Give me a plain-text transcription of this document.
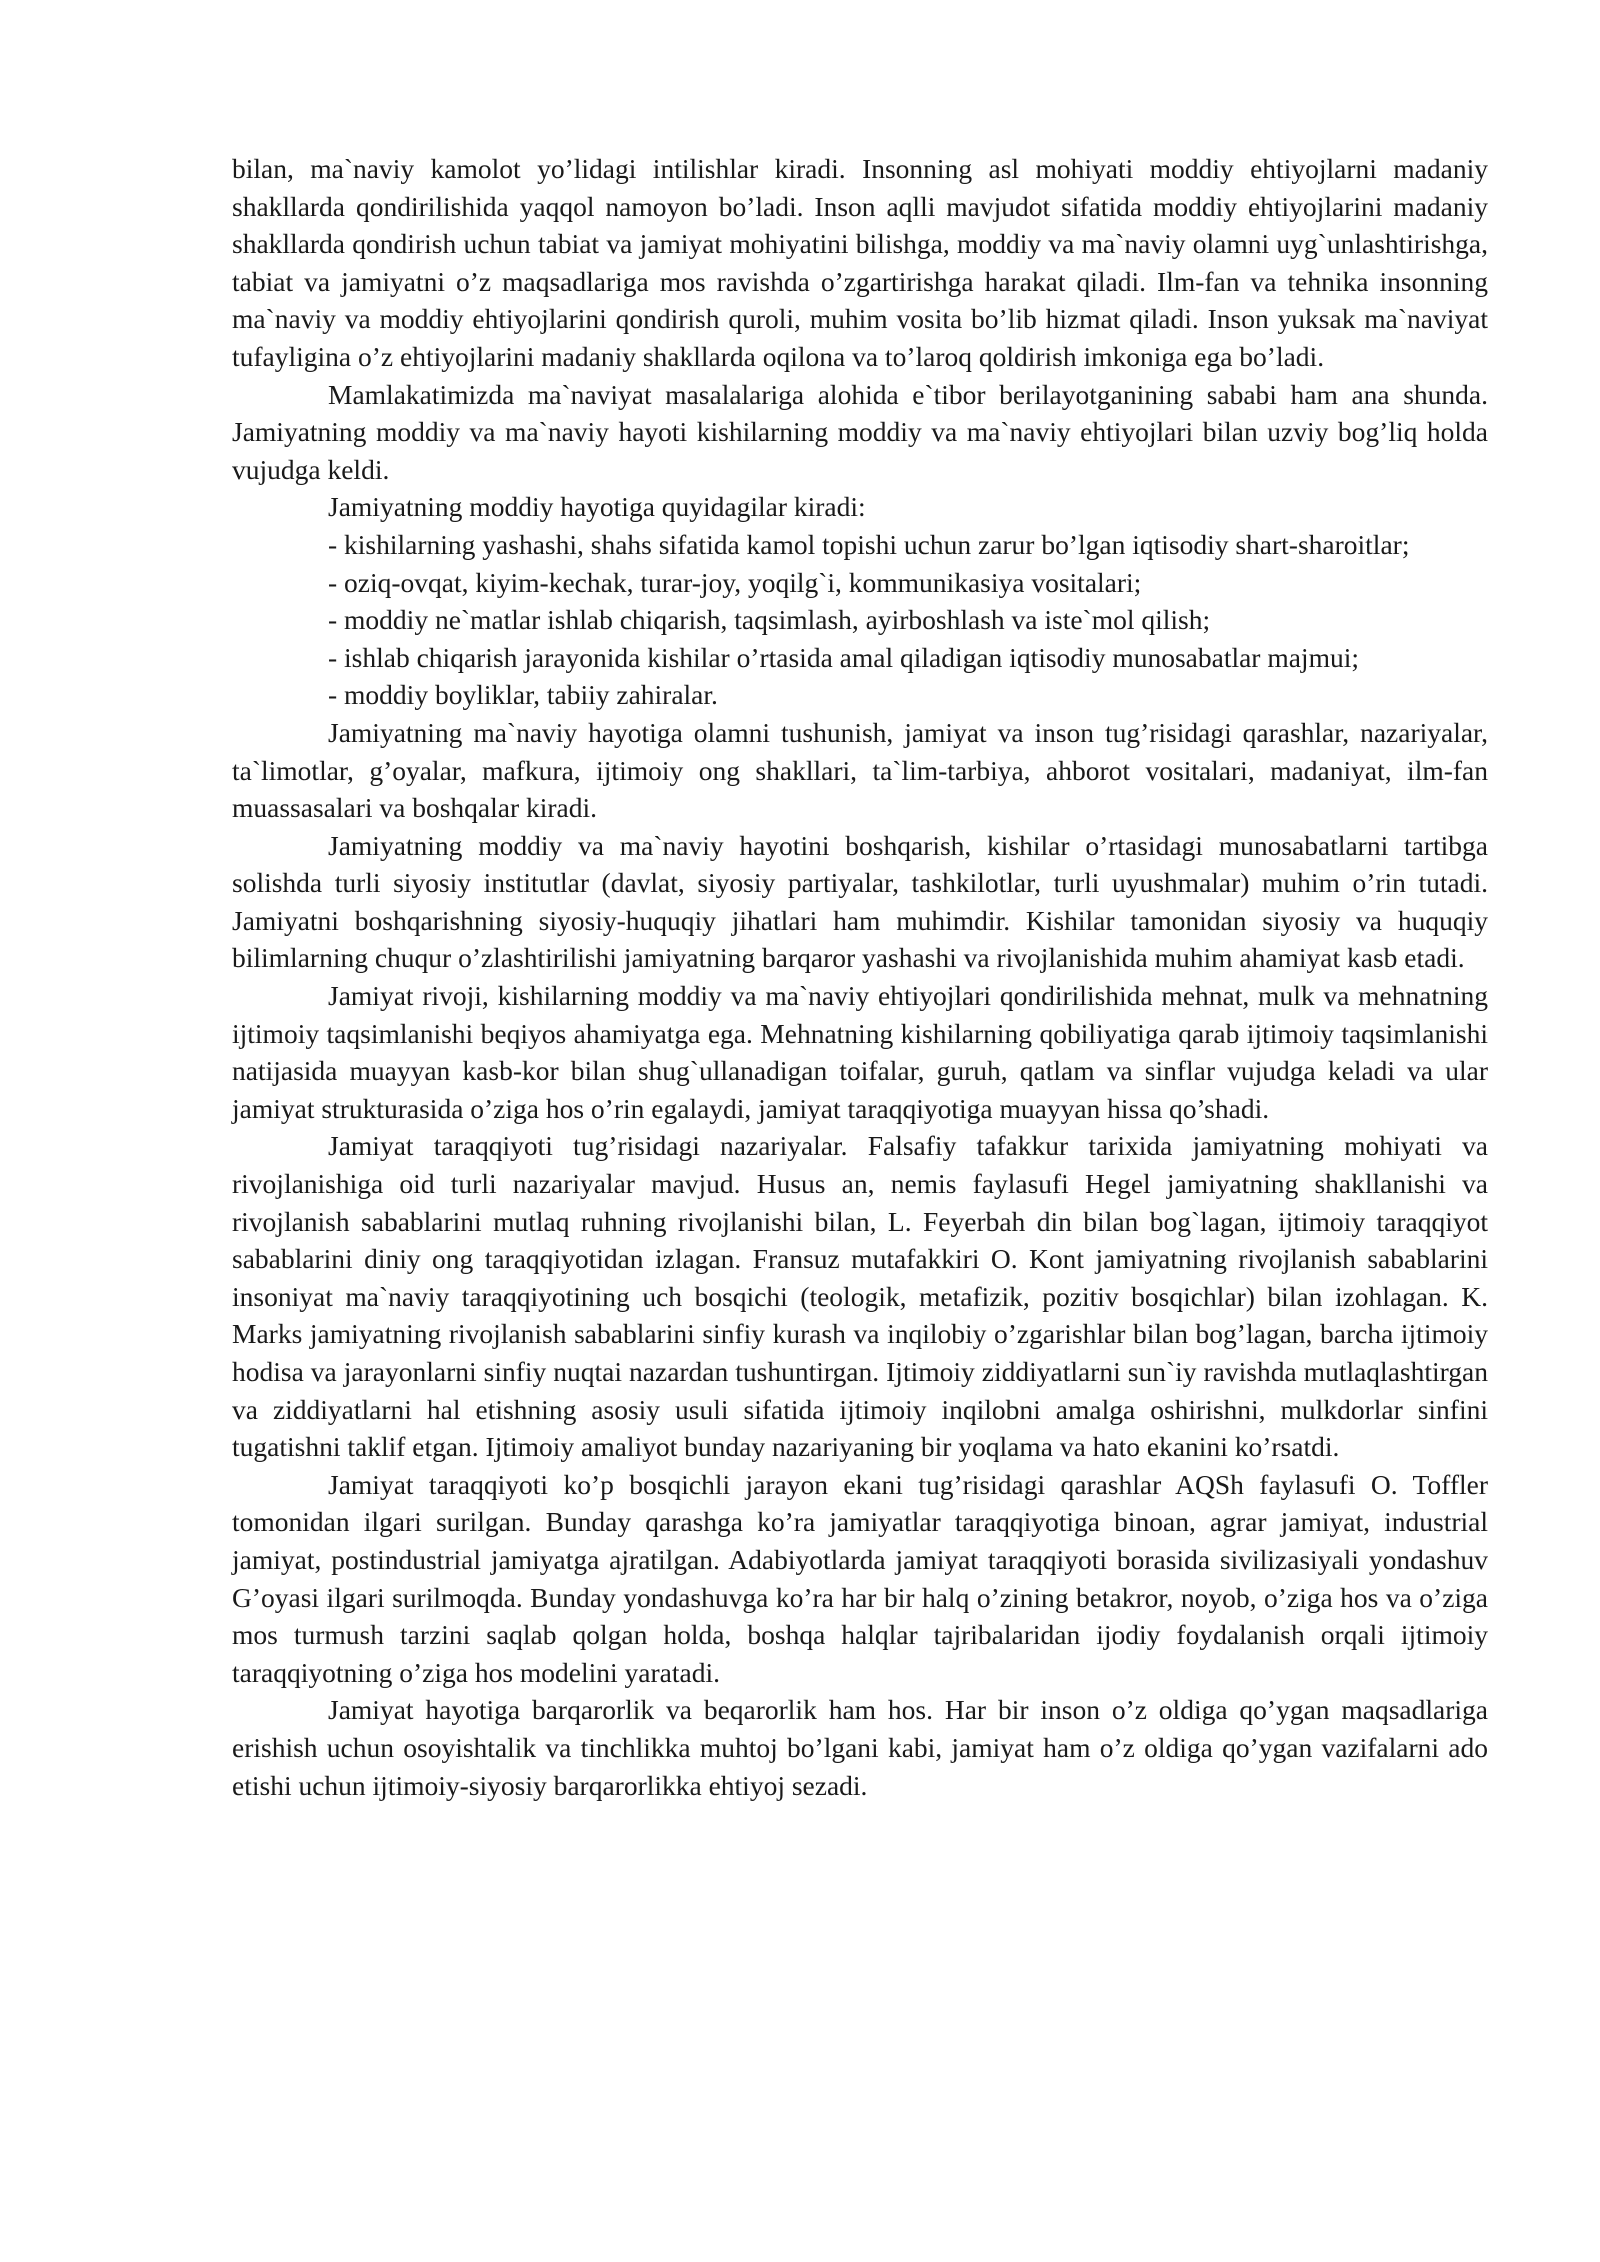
bilan, ma`naviy kamolot yo’lidagi intilishlar kiradi. Insonning asl mohiyati moddiy ehtiyojlarni madaniy shakllarda qondirilishida yaqqol namoyon bo’ladi. Inson aqlli mavjudot sifatida moddiy ehtiyojlarini madaniy shakllarda qondirish uchun tabiat va jamiyat mohiyatini bilishga, moddiy va ma`naviy olamni uyg`unlashtirishga, tabiat va jamiyatni o’z maqsadlariga mos ravishda o’zgartirishga harakat qiladi. Ilm-fan va tehnika insonning ma`naviy va moddiy ehtiyojlarini qondirish quroli, muhim vosita bo’lib hizmat qiladi. Inson yuksak ma`naviyat tufayligina o’z ehtiyojlarini madaniy shakllarda oqilona va to’laroq qoldirish imkoniga ega bo’ladi.

Mamlakatimizda ma`naviyat masalalariga alohida e`tibor berilayotganining sababi ham ana shunda. Jamiyatning moddiy va ma`naviy hayoti kishilarning moddiy va ma`naviy ehtiyojlari bilan uzviy bog’liq holda vujudga keldi.

Jamiyatning moddiy hayotiga quyidagilar kiradi:

- kishilarning yashashi, shahs sifatida kamol topishi uchun zarur bo’lgan iqtisodiy shart-sharoitlar;

- oziq-ovqat, kiyim-kechak, turar-joy, yoqilg`i, kommunikasiya vositalari;

- moddiy ne`matlar ishlab chiqarish, taqsimlash, ayirboshlash va iste`mol qilish;

- ishlab chiqarish jarayonida kishilar o’rtasida amal qiladigan iqtisodiy munosabatlar majmui;

- moddiy boyliklar, tabiiy zahiralar.

Jamiyatning ma`naviy hayotiga olamni tushunish, jamiyat va inson tug’risidagi qarashlar, nazariyalar, ta`limotlar, g’oyalar, mafkura, ijtimoiy ong shakllari, ta`lim-tarbiya, ahborot vositalari, madaniyat, ilm-fan muassasalari va boshqalar kiradi.

Jamiyatning moddiy va ma`naviy hayotini boshqarish, kishilar o’rtasidagi munosabatlarni tartibga solishda turli siyosiy institutlar (davlat, siyosiy partiyalar, tashkilotlar, turli uyushmalar) muhim o’rin tutadi. Jamiyatni boshqarishning siyosiy-huquqiy jihatlari ham muhimdir. Kishilar tamonidan siyosiy va huquqiy bilimlarning chuqur o’zlashtirilishi jamiyatning barqaror yashashi va rivojlanishida muhim ahamiyat kasb etadi.

Jamiyat rivoji, kishilarning moddiy va ma`naviy ehtiyojlari qondirilishida mehnat, mulk va mehnatning ijtimoiy taqsimlanishi beqiyos ahamiyatga ega. Mehnatning kishilarning qobiliyatiga qarab ijtimoiy taqsimlanishi natijasida muayyan kasb-kor bilan shug`ullanadigan toifalar, guruh, qatlam va sinflar vujudga keladi va ular jamiyat strukturasida o’ziga hos o’rin egalaydi, jamiyat taraqqiyotiga muayyan hissa qo’shadi.

Jamiyat taraqqiyoti tug’risidagi nazariyalar. Falsafiy tafakkur tarixida jamiyatning mohiyati va rivojlanishiga oid turli nazariyalar mavjud. Husus an, nemis faylasufi Hegel jamiyatning shakllanishi va rivojlanish sabablarini mutlaq ruhning rivojlanishi bilan, L. Feyerbah din bilan bog`lagan, ijtimoiy taraqqiyot sabablarini diniy ong taraqqiyotidan izlagan. Fransuz mutafakkiri O. Kont jamiyatning rivojlanish sabablarini insoniyat ma`naviy taraqqiyotining uch bosqichi (teologik, metafizik, pozitiv bosqichlar) bilan izohlagan. K. Marks jamiyatning rivojlanish sabablarini sinfiy kurash va inqilobiy o’zgarishlar bilan bog’lagan, barcha ijtimoiy hodisa va jarayonlarni sinfiy nuqtai nazardan tushuntirgan. Ijtimoiy ziddiyatlarni sun`iy ravishda mutlaqlashtirgan va ziddiyatlarni hal etishning asosiy usuli sifatida ijtimoiy inqilobni amalga oshirishni, mulkdorlar sinfini tugatishni taklif etgan. Ijtimoiy amaliyot bunday nazariyaning bir yoqlama va hato ekanini ko’rsatdi.

Jamiyat taraqqiyoti ko’p bosqichli jarayon ekani tug’risidagi qarashlar AQSh faylasufi O. Toffler tomonidan ilgari surilgan. Bunday qarashga ko’ra jamiyatlar taraqqiyotiga binoan, agrar jamiyat, industrial jamiyat, postindustrial jamiyatga ajratilgan. Adabiyotlarda jamiyat taraqqiyoti borasida sivilizasiyali yondashuv G’oyasi ilgari surilmoqda. Bunday yondashuvga ko’ra har bir halq o’zining betakror, noyob, o’ziga hos va o’ziga mos turmush tarzini saqlab qolgan holda, boshqa halqlar tajribalaridan ijodiy foydalanish orqali ijtimoiy taraqqiyotning o’ziga hos modelini yaratadi.

Jamiyat hayotiga barqarorlik va beqarorlik ham hos. Har bir inson o’z oldiga qo’ygan maqsadlariga erishish uchun osoyishtalik va tinchlikka muhtoj bo’lgani kabi, jamiyat ham o’z oldiga qo’ygan vazifalarni ado etishi uchun ijtimoiy-siyosiy barqarorlikka ehtiyoj sezadi.
